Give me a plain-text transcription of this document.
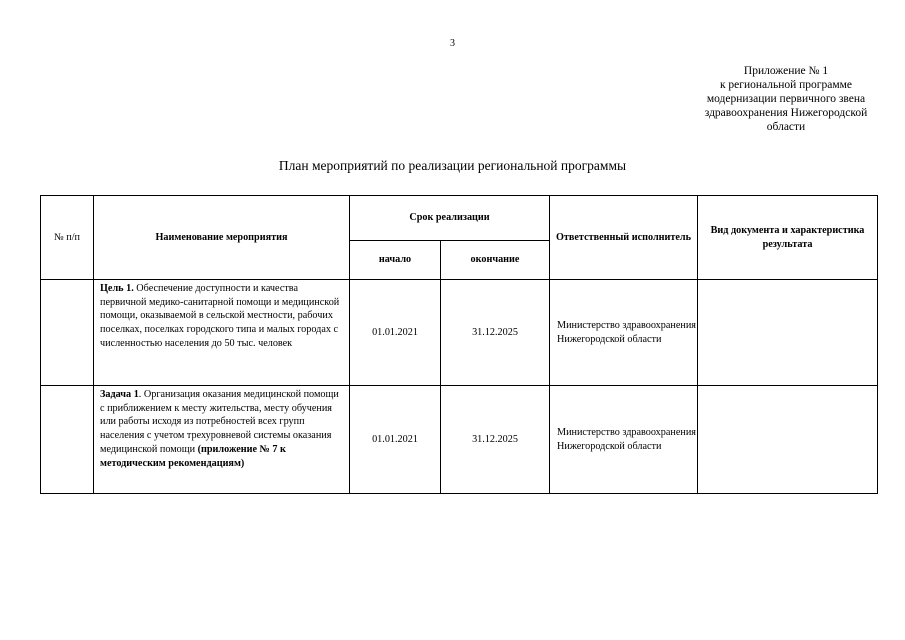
3
Приложение № 1
к региональной программе
модернизации первичного звена
здравоохранения Нижегородской
области
План мероприятий по реализации региональной программы
№ п/п	Наименование мероприятия	Срок реализации		Ответственный исполнитель	Вид документа и характеристика результата
		начало	окончание		
	Цель 1. Обеспечение доступности и качества первичной медико-санитарной помощи и медицинской помощи, оказываемой в сельской местности, рабочих поселках, поселках городского типа и малых городах с численностью населения до 50 тыс. человек	01.01.2021	31.12.2025	Министерство здравоохранения Нижегородской области	
	Задача 1. Организация оказания медицинской помощи с приближением к месту жительства, месту обучения или работы исходя из потребностей всех групп населения с учетом трехуровневой системы оказания медицинской помощи (приложение № 7 к методическим рекомендациям)	01.01.2021	31.12.2025	Министерство здравоохранения Нижегородской области	
